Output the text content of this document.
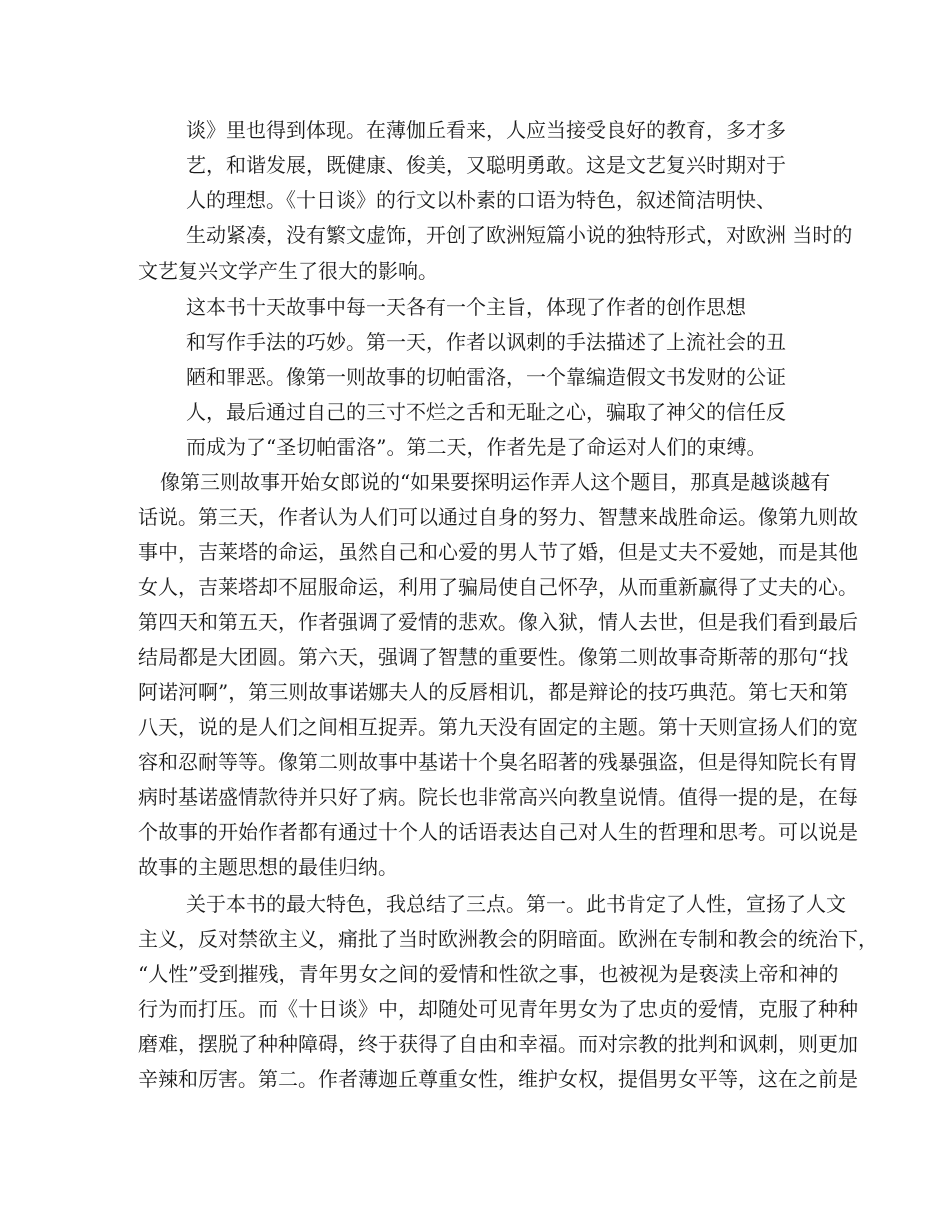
谈》里也得到体现。在薄伽丘看来，人应当接受良好的教育，多才多
艺，和谐发展，既健康、俊美，又聪明勇敢。这是文艺复兴时期对于
人的理想。《十日谈》的行文以朴素的口语为特色，叙述简洁明快、
生动紧凑，没有繁文虚饰，开创了欧洲短篇小说的独特形式，对欧洲 当时的
文艺复兴文学产生了很大的影响。
这本书十天故事中每一天各有一个主旨，体现了作者的创作思想
和写作手法的巧妙。第一天，作者以讽刺的手法描述了上流社会的丑
陋和罪恶。像第一则故事的切帕雷洛，一个靠编造假文书发财的公证
人，最后通过自己的三寸不烂之舌和无耻之心，骗取了神父的信任反
而成为了“圣切帕雷洛”。第二天，作者先是了命运对人们的束缚。
像第三则故事开始女郎说的“如果要探明运作弄人这个题目，那真是越谈越有
话说。第三天，作者认为人们可以通过自身的努力、智慧来战胜命运。像第九则故
事中，吉莱塔的命运，虽然自己和心爱的男人节了婚，但是丈夫不爱她，而是其他
女人，吉莱塔却不屈服命运，利用了骗局使自己怀孕，从而重新赢得了丈夫的心。
第四天和第五天，作者强调了爱情的悲欢。像入狱，情人去世，但是我们看到最后
结局都是大团圆。第六天，强调了智慧的重要性。像第二则故事奇斯蒂的那句“找
阿诺河啊”，第三则故事诺娜夫人的反唇相讥，都是辩论的技巧典范。第七天和第
八天，说的是人们之间相互捉弄。第九天没有固定的主题。第十天则宣扬人们的宽
容和忍耐等等。像第二则故事中基诺十个臭名昭著的残暴强盗，但是得知院长有胃
病时基诺盛情款待并只好了病。院长也非常高兴向教皇说情。值得一提的是，在每
个故事的开始作者都有通过十个人的话语表达自己对人生的哲理和思考。可以说是
故事的主题思想的最佳归纳。
关于本书的最大特色，我总结了三点。第一。此书肯定了人性，宣扬了人文
主义，反对禁欲主义，痛批了当时欧洲教会的阴暗面。欧洲在专制和教会的统治下，
“人性”受到摧残，青年男女之间的爱情和性欲之事，也被视为是亵渎上帝和神的
行为而打压。而《十日谈》中，却随处可见青年男女为了忠贞的爱情，克服了种种
磨难，摆脱了种种障碍，终于获得了自由和幸福。而对宗教的批判和讽刺，则更加
辛辣和厉害。第二。作者薄迦丘尊重女性，维护女权，提倡男女平等，这在之前是
